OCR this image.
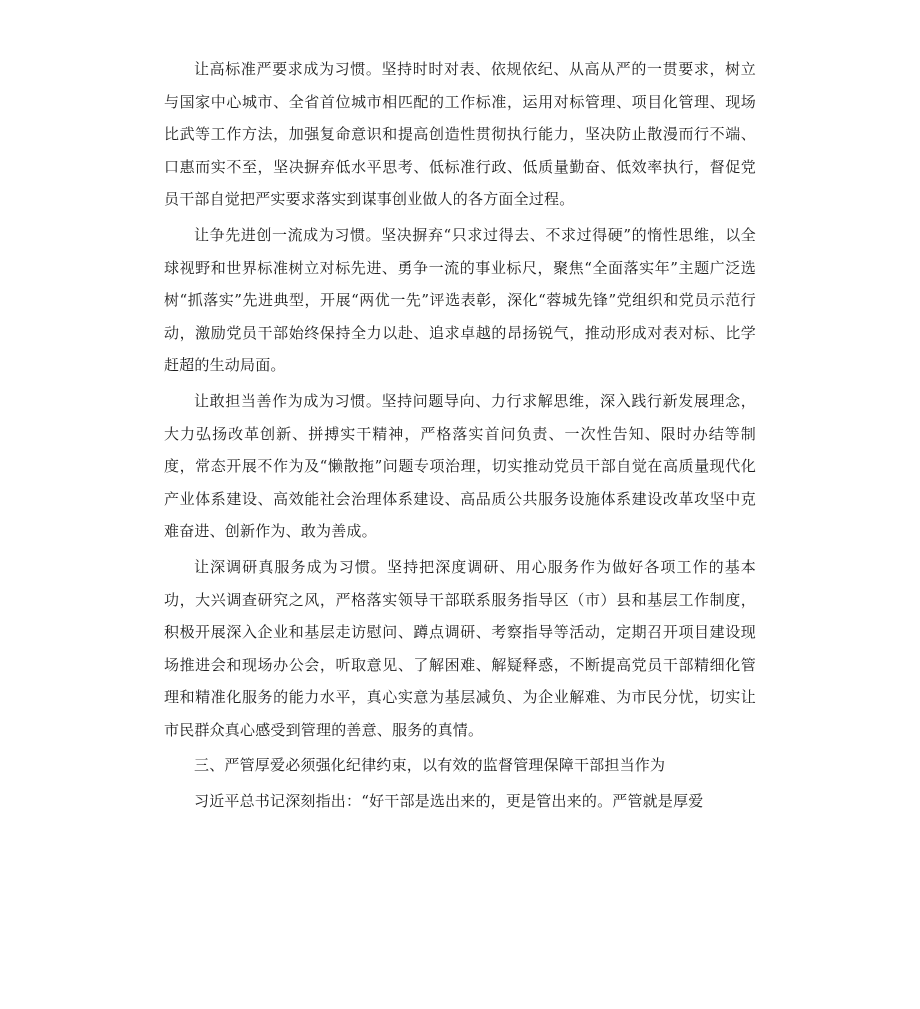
让高标准严要求成为习惯。坚持时时对表、依规依纪、从高从严的一贯要求，树立与国家中心城市、全省首位城市相匹配的工作标准，运用对标管理、项目化管理、现场比武等工作方法，加强复命意识和提高创造性贯彻执行能力，坚决防止散漫而行不端、口惠而实不至，坚决摒弃低水平思考、低标准行政、低质量勤奋、低效率执行，督促党员干部自觉把严实要求落实到谋事创业做人的各方面全过程。

让争先进创一流成为习惯。坚决摒弃“只求过得去、不求过得硬”的惰性思维，以全球视野和世界标准树立对标先进、勇争一流的事业标尺，聚焦“全面落实年”主题广泛选树“抓落实”先进典型，开展“两优一先”评选表彰，深化“蓉城先锋”党组织和党员示范行动，激励党员干部始终保持全力以赴、追求卓越的昂扬锐气，推动形成对表对标、比学赶超的生动局面。

让敢担当善作为成为习惯。坚持问题导向、力行求解思维，深入践行新发展理念，大力弘扬改革创新、拼搏实干精神，严格落实首问负责、一次性告知、限时办结等制度，常态开展不作为及“懒散拖”问题专项治理，切实推动党员干部自觉在高质量现代化产业体系建设、高效能社会治理体系建设、高品质公共服务设施体系建设改革攻坚中克难奋进、创新作为、敢为善成。

让深调研真服务成为习惯。坚持把深度调研、用心服务作为做好各项工作的基本功，大兴调查研究之风，严格落实领导干部联系服务指导区（市）县和基层工作制度，积极开展深入企业和基层走访慰问、蹲点调研、考察指导等活动，定期召开项目建设现场推进会和现场办公会，听取意见、了解困难、解疑释惑，不断提高党员干部精细化管理和精准化服务的能力水平，真心实意为基层减负、为企业解难、为市民分忧，切实让市民群众真心感受到管理的善意、服务的真情。

三、严管厚爱必须强化纪律约束，以有效的监督管理保障干部担当作为

习近平总书记深刻指出：“好干部是选出来的，更是管出来的。严管就是厚爱
